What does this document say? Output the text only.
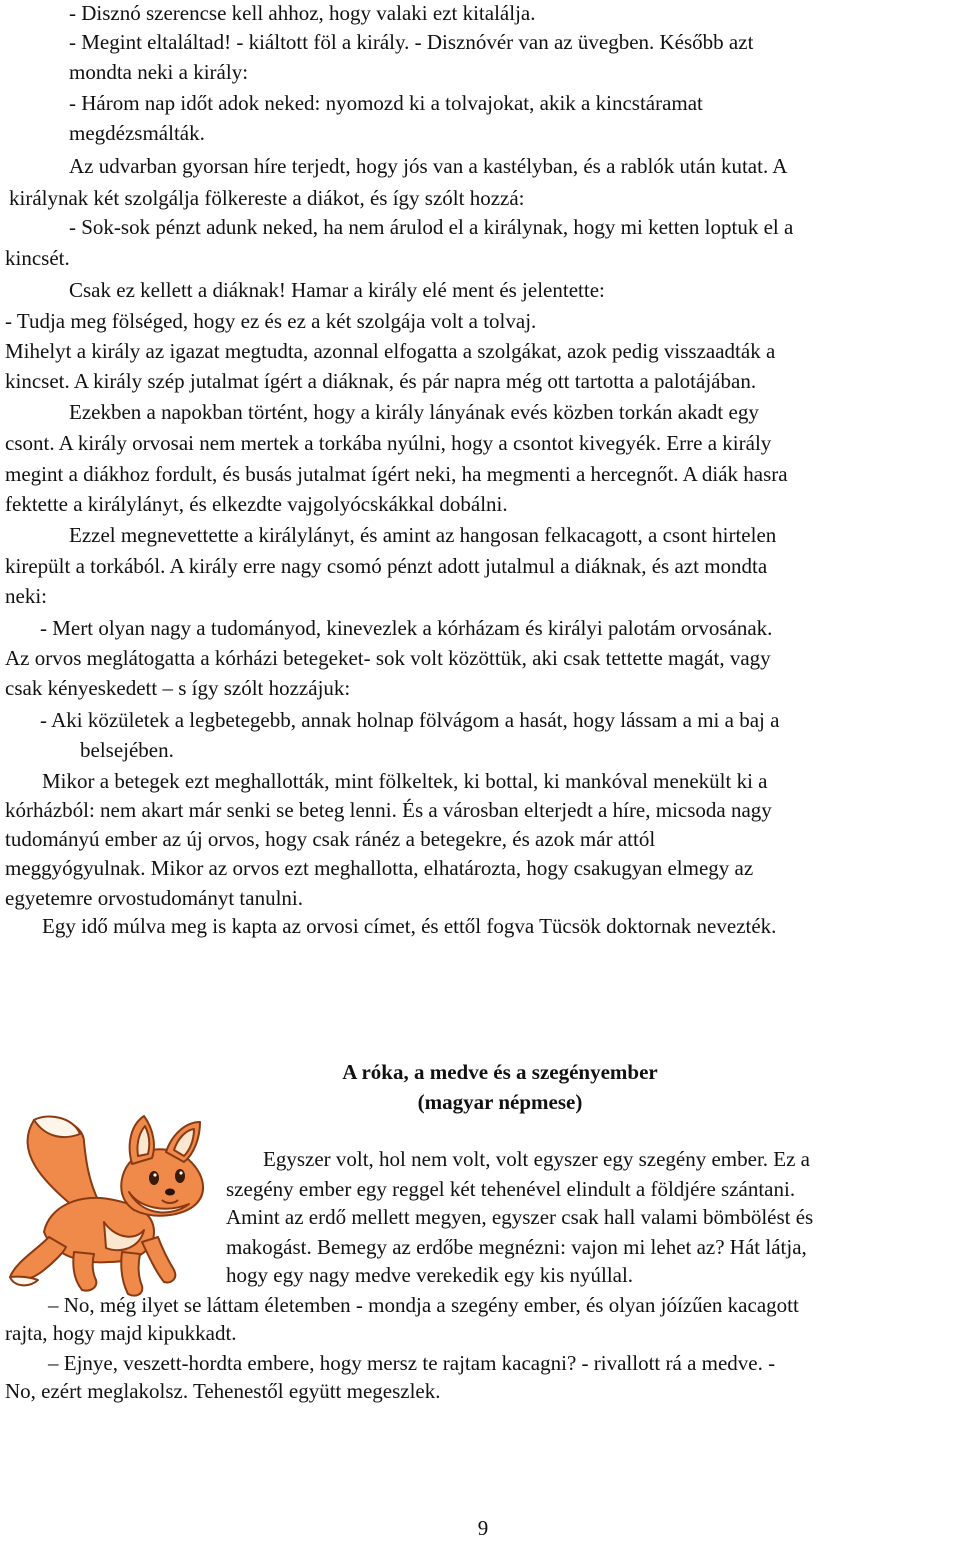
- Disznó szerencse kell ahhoz, hogy valaki ezt kitalálja.

- Megint eltaláltad! - kiáltott föl a király. - Disznóvér van az üvegben. Később azt

mondta neki a király:

- Három nap időt adok neked: nyomozd ki a tolvajokat, akik a kincstáramat

megdézsmálták.

Az udvarban gyorsan híre terjedt, hogy jós van a kastélyban, és a rablók után kutat. A

királynak két szolgálja fölkereste a diákot, és így szólt hozzá:

- Sok-sok pénzt adunk neked, ha nem árulod el a királynak, hogy mi ketten loptuk el a

kincsét.

Csak ez kellett a diáknak! Hamar a király elé ment és jelentette:

- Tudja meg fölséged, hogy ez és ez a két szolgája volt a tolvaj.

Mihelyt a király az igazat megtudta, azonnal elfogatta a szolgákat, azok pedig visszaadták a

kincset. A király szép jutalmat ígért a diáknak, és pár napra még ott tartotta a palotájában.

Ezekben a napokban történt, hogy a király lányának evés közben torkán akadt egy

csont. A király orvosai nem mertek a torkába nyúlni, hogy a csontot kivegyék. Erre a király

megint a diákhoz fordult, és busás jutalmat ígért neki, ha megmenti a hercegnőt. A diák hasra

fektette a királylányt, és elkezdte vajgolyócskákkal dobálni.

Ezzel megnevettette a királylányt, és amint az hangosan felkacagott, a csont hirtelen

kirepült a torkából. A király erre nagy csomó pénzt adott jutalmul a diáknak, és azt mondta

neki:

- Mert olyan nagy a tudományod, kinevezlek a kórházam és királyi palotám orvosának.

Az orvos meglátogatta a kórházi betegeket- sok volt közöttük, aki csak tettette magát, vagy

csak kényeskedett – s így szólt hozzájuk:

- Aki közületek a legbetegebb, annak holnap fölvágom a hasát, hogy lássam a mi a baj a

belsejében.

Mikor a betegek ezt meghallották, mint fölkeltek, ki bottal, ki mankóval menekült ki a

kórházból: nem akart már senki se beteg lenni. És a városban elterjedt a híre, micsoda nagy

tudományú ember az új orvos, hogy csak ránéz a betegekre, és azok már attól

meggyógyulnak. Mikor az orvos ezt meghallotta, elhatározta, hogy csakugyan elmegy az

egyetemre orvostudományt tanulni.

Egy idő múlva meg is kapta az orvosi címet, és ettől fogva Tücsök doktornak nevezték.

A róka, a medve és a szegényember
(magyar népmese)

Egyszer volt, hol nem volt, volt egyszer egy szegény ember. Ez a

szegény ember egy reggel két tehenével elindult a földjére szántani.

Amint az erdő mellett megyen, egyszer csak hall valami bömbölést és

makogást. Bemegy az erdőbe megnézni: vajon mi lehet az? Hát látja,

hogy egy nagy medve verekedik egy kis nyúllal.

– No, még ilyet se láttam életemben - mondja a szegény ember, és olyan jóízűen kacagott

rajta, hogy majd kipukkadt.

– Ejnye, veszett-hordta embere, hogy mersz te rajtam kacagni? - rivallott rá a medve. -

No, ezért meglakolsz. Tehenestől együtt megeszlek.

9
